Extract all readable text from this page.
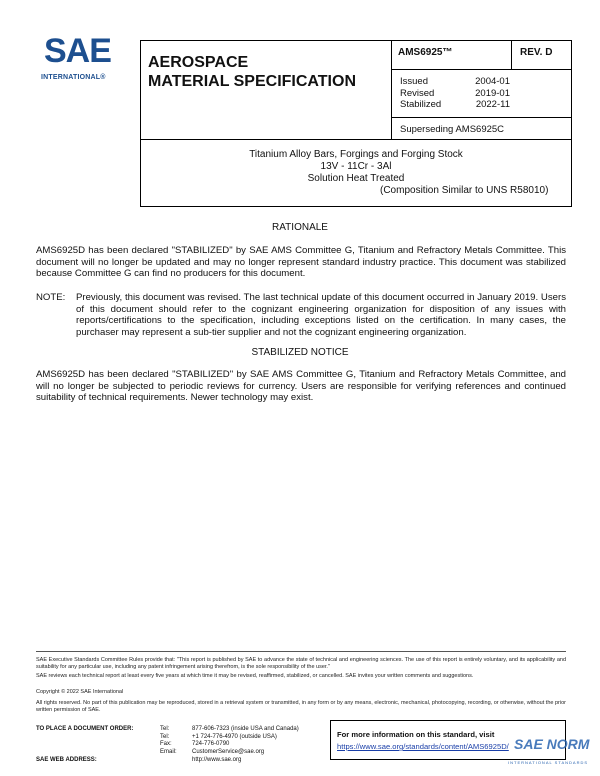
SAE
INTERNATIONAL®
AEROSPACE
MATERIAL SPECIFICATION
AMS6925™	REV. D
Issued	2004-01
Revised	2019-01
Stabilized	2022-11
Superseding AMS6925C
Titanium Alloy Bars, Forgings and Forging Stock
13V - 11Cr - 3Al
Solution Heat Treated
(Composition Similar to UNS R58010)
RATIONALE
AMS6925D has been declared "STABILIZED" by SAE AMS Committee G, Titanium and Refractory Metals Committee. This document will no longer be updated and may no longer represent standard industry practice. This document was stabilized because Committee G can find no producers for this document.
NOTE: Previously, this document was revised. The last technical update of this document occurred in January 2019. Users of this document should refer to the cognizant engineering organization for disposition of any issues with reports/certifications to the specification, including exceptions listed on the certification. In many cases, the purchaser may represent a sub-tier supplier and not the cognizant engineering organization.
STABILIZED NOTICE
AMS6925D has been declared "STABILIZED" by SAE AMS Committee G, Titanium and Refractory Metals Committee, and will no longer be subjected to periodic reviews for currency. Users are responsible for verifying references and continued suitability of technical requirements. Newer technology may exist.
SAE Executive Standards Committee Rules provide that: "This report is published by SAE to advance the state of technical and engineering sciences. The use of this report is entirely voluntary, and its applicability and suitability for any particular use, including any patent infringement arising therefrom, is the sole responsibility of the user."
SAE reviews each technical report at least every five years at which time it may be revised, reaffirmed, stabilized, or cancelled. SAE invites your written comments and suggestions.
Copyright © 2022 SAE International
All rights reserved. No part of this publication may be reproduced, stored in a retrieval system or transmitted, in any form or by any means, electronic, mechanical, photocopying, recording, or otherwise, without the prior written permission of SAE.
TO PLACE A DOCUMENT ORDER:
SAE WEB ADDRESS:
Tel:	877-606-7323 (inside USA and Canada)
Tel:	+1 724-776-4970 (outside USA)
Fax:	724-776-0790
Email:	CustomerService@sae.org
http://www.sae.org
For more information on this standard, visit
https://www.sae.org/standards/content/AMS6925D/ SAE NORM
INTERNATIONAL STANDARDS
